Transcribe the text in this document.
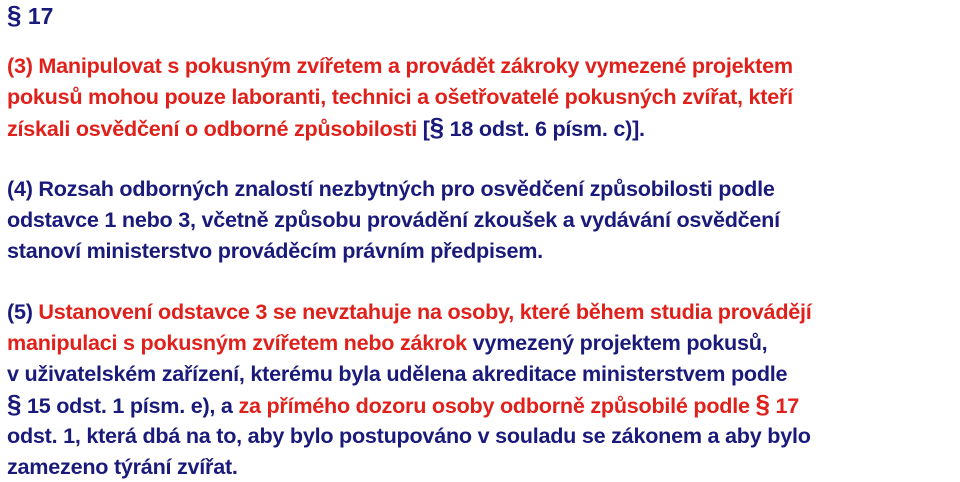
§ 17
(3) Manipulovat s pokusným zvířetem a provádět zákroky vymezené projektem
pokusů mohou pouze laboranti, technici a ošetřovatelé pokusných zvířat, kteří
získali osvědčení o odborné způsobilosti [§ 18 odst. 6 písm. c)].
(4) Rozsah odborných znalostí nezbytných pro osvědčení způsobilosti podle
odstavce 1 nebo 3, včetně způsobu provádění zkoušek a vydávání osvědčení
stanoví ministerstvo prováděcím právním předpisem.
(5) Ustanovení odstavce 3 se nevztahuje na osoby, které během studia provádějí
manipulaci s pokusným zvířetem nebo zákrok vymezený projektem pokusů,
v uživatelském zařízení, kterému byla udělena akreditace ministerstvem podle
§ 15 odst. 1 písm. e), a za přímého dozoru osoby odborně způsobilé podle § 17
odst. 1, která dbá na to, aby bylo postupováno v souladu se zákonem a aby bylo
zamezeno týrání zvířat.
